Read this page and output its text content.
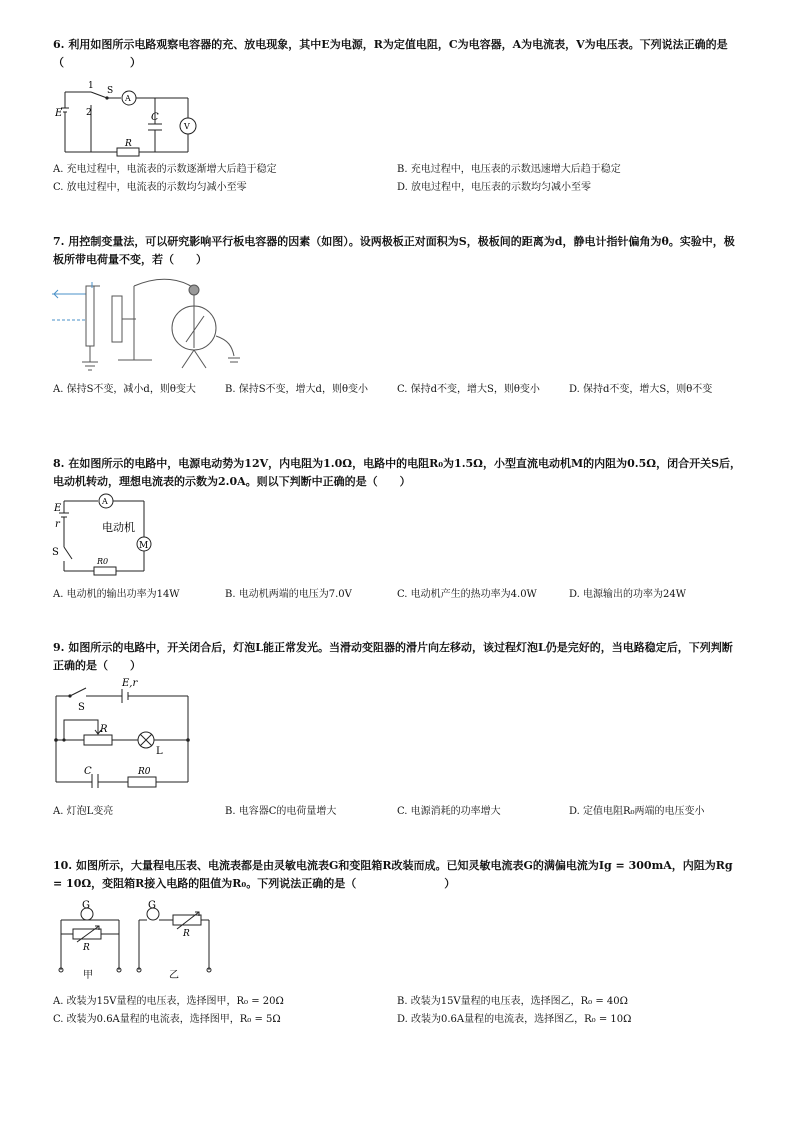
6. 利用如图所示电路观察电容器的充、放电现象，其中E为电源，R为定值电阻，C为电容器，A为电流表，V为电压表。下列说法正确的是（　　　　　　）

E
1
2
S
A
C
V
R
A. 充电过程中，电流表的示数逐渐增大后趋于稳定	B. 充电过程中，电压表的示数迅速增大后趋于稳定
C. 放电过程中，电流表的示数均匀减小至零	D. 放电过程中，电压表的示数均匀减小至零

7. 用控制变量法，可以研究影响平行板电容器的因素（如图）。设两极板正对面积为S，极板间的距离为d，静电计指针偏角为θ。实验中，极板所带电荷量不变，若（　　）

A. 保持S不变，减小d，则θ变大	B. 保持S不变，增大d，则θ变小	C. 保持d不变，增大S，则θ变小	D. 保持d不变，增大S，则θ不变

8. 在如图所示的电路中，电源电动势为12V，内电阻为1.0Ω，电路中的电阻R₀为1.5Ω，小型直流电动机M的内阻为0.5Ω，闭合开关S后，电动机转动，理想电流表的示数为2.0A。则以下判断中正确的是（　　）

E
r
A
电动机
M
S
R0
A. 电动机的输出功率为14W	B. 电动机两端的电压为7.0V	C. 电动机产生的热功率为4.0W	D. 电源输出的功率为24W

9. 如图所示的电路中，开关闭合后，灯泡L能正常发光。当滑动变阻器的滑片向左移动，该过程灯泡L仍是完好的，当电路稳定后，下列判断正确的是（　　）

E,r
S
R
L
C	R0
A. 灯泡L变亮	B. 电容器C的电荷量增大	C. 电源消耗的功率增大	D. 定值电阻R₀两端的电压变小

10. 如图所示，大量程电压表、电流表都是由灵敏电流表G和变阻箱R改装而成。已知灵敏电流表G的满偏电流为Ig = 300mA，内阻为Rg = 10Ω，变阻箱R接入电路的阻值为R₀。下列说法正确的是（　　　　　　　　）

G
R
甲
G
R
乙
A. 改装为15V量程的电压表，选择图甲，R₀ = 20Ω	B. 改装为15V量程的电压表，选择图乙，R₀ = 40Ω
C. 改装为0.6A量程的电流表，选择图甲，R₀ = 5Ω	D. 改装为0.6A量程的电流表，选择图乙，R₀ = 10Ω
